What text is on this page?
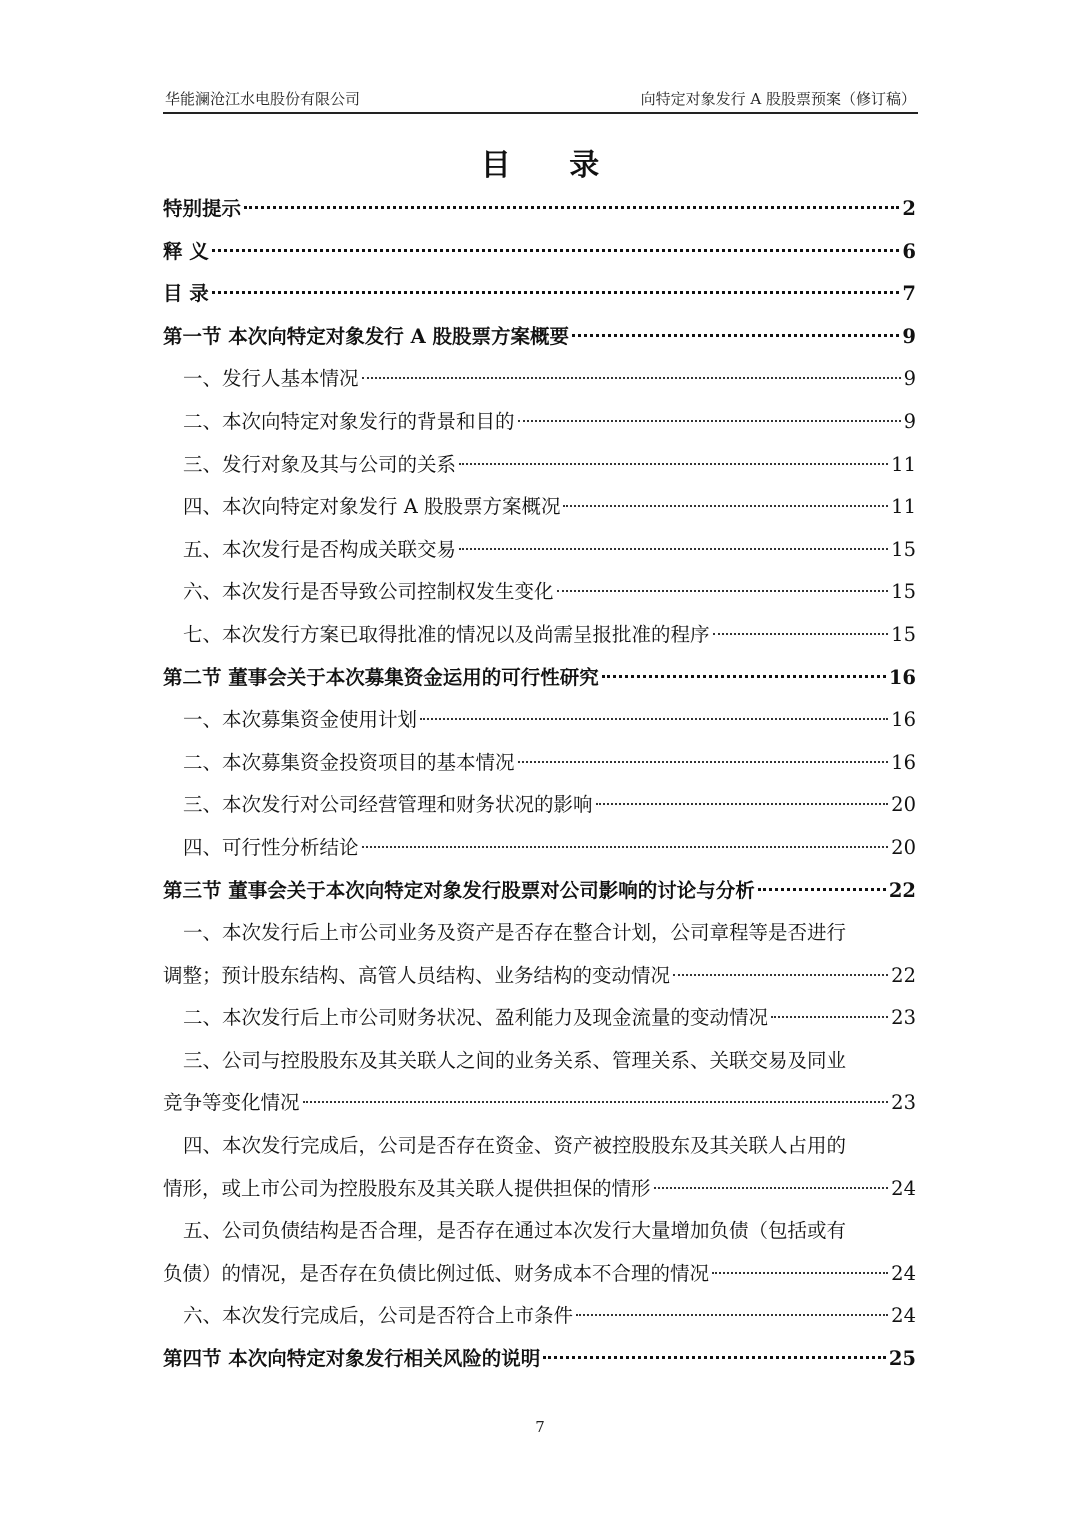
华能澜沧江水电股份有限公司	向特定对象发行 A 股股票预案（修订稿）
目 录
特别提示	2
释 义	6
目 录	7
第一节 本次向特定对象发行 A 股股票方案概要	9
一、发行人基本情况	9
二、本次向特定对象发行的背景和目的	9
三、发行对象及其与公司的关系	11
四、本次向特定对象发行 A 股股票方案概况	11
五、本次发行是否构成关联交易	15
六、本次发行是否导致公司控制权发生变化	15
七、本次发行方案已取得批准的情况以及尚需呈报批准的程序	15
第二节 董事会关于本次募集资金运用的可行性研究	16
一、本次募集资金使用计划	16
二、本次募集资金投资项目的基本情况	16
三、本次发行对公司经营管理和财务状况的影响	20
四、可行性分析结论	20
第三节 董事会关于本次向特定对象发行股票对公司影响的讨论与分析	22
一、本次发行后上市公司业务及资产是否存在整合计划，公司章程等是否进行
调整；预计股东结构、高管人员结构、业务结构的变动情况	22
二、本次发行后上市公司财务状况、盈利能力及现金流量的变动情况	23
三、公司与控股股东及其关联人之间的业务关系、管理关系、关联交易及同业
竞争等变化情况	23
四、本次发行完成后，公司是否存在资金、资产被控股股东及其关联人占用的
情形，或上市公司为控股股东及其关联人提供担保的情形	24
五、公司负债结构是否合理，是否存在通过本次发行大量增加负债（包括或有
负债）的情况，是否存在负债比例过低、财务成本不合理的情况	24
六、本次发行完成后，公司是否符合上市条件	24
第四节 本次向特定对象发行相关风险的说明	25
7
